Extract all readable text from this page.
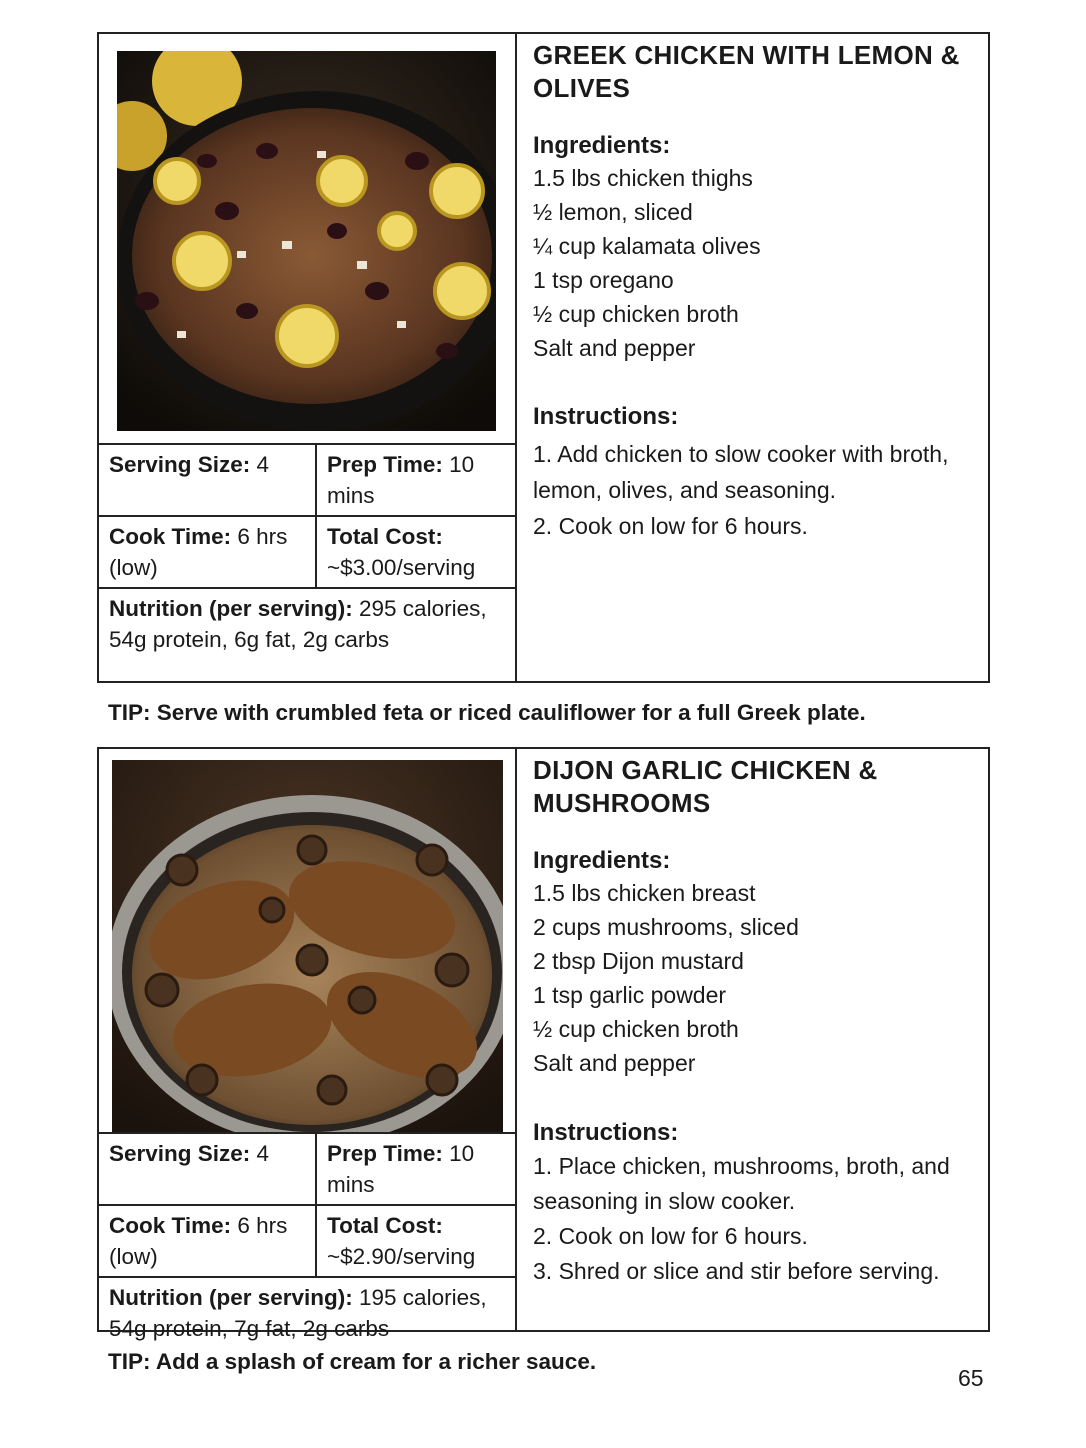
Serving Size: 4	Prep Time: 10 mins
Cook Time: 6 hrs (low)
Total Cost: ~$3.00/serving
Nutrition (per serving): 295 calories, 54g protein, 6g fat, 2g carbs
GREEK CHICKEN WITH LEMON & OLIVES
Ingredients:
1.5 lbs chicken thighs
½ lemon, sliced
¼ cup kalamata olives
1 tsp oregano
½ cup chicken broth
Salt and pepper
Instructions:
1. Add chicken to slow cooker with broth, lemon, olives, and seasoning.
2. Cook on low for 6 hours.
TIP: Serve with crumbled feta or riced cauliflower for a full Greek plate.
Serving Size: 4	Prep Time: 10 mins
Cook Time: 6 hrs (low)
Total Cost: ~$2.90/serving
Nutrition (per serving): 195 calories, 54g protein, 7g fat, 2g carbs
DIJON GARLIC CHICKEN & MUSHROOMS
Ingredients:
1.5 lbs chicken breast
2 cups mushrooms, sliced
2 tbsp Dijon mustard
1 tsp garlic powder
½ cup chicken broth
Salt and pepper
Instructions:
1. Place chicken, mushrooms, broth, and seasoning in slow cooker.
2. Cook on low for 6 hours.
3. Shred or slice and stir before serving.
TIP: Add a splash of cream for a richer sauce.
65
